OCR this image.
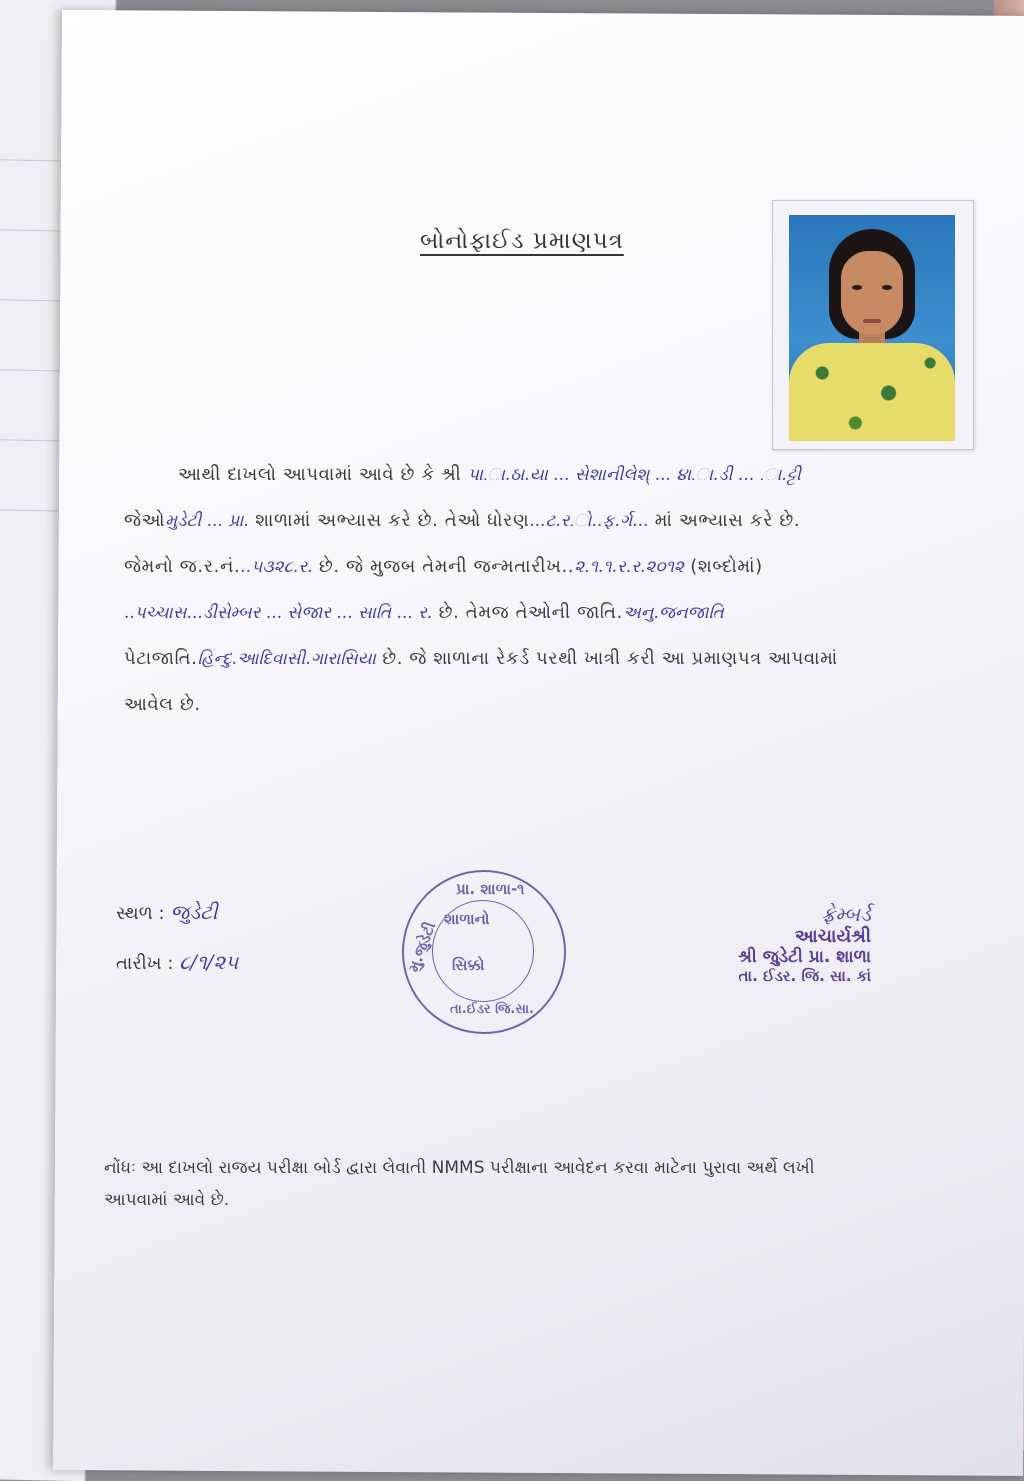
બોનોફાઈડ પ્રમાણપત્ર
આથી દાખલો આપવામાં આવે છે કે શ્રી પા.ા.ઠા.યા ... સેશાનીલેશ્ ... ૪ા.ા.ડી ... .ા.ટ્ટી
જેઓમુડેટી ... પ્રા. શાળામાં અભ્યાસ કરે છે. તેઓ ધોરણ...ટ.ર.ો..ફ.ર્ગ... માં અભ્યાસ કરે છે.
જેમનો જ.ર.નં...૫૩૨૮.ર. છે. જે મુજબ તેમની જન્મતારીખ..૨.૧.૧.ર.ર.૨૦૧૨ (શબ્દોમાં)
..પચ્ચાસ...ડીસેમ્બર ... સેજાર ... સાતિ ... ર. છે. તેમજ તેઓની જાતિ.અનુ.જનજાતિ
પેટાજાતિ.હિન્દુ.આદિવાસી.ગારાસિયા છે. જે શાળાના રેકર્ડ પરથી ખાત્રી કરી આ પ્રમાણપત્ર આપવામાં
આવેલ છે.
સ્થળ : જુડેટી
તારીખ : ૮/૧/૨૫
પ્રા. શાળા-૧
મુ.જુડેટી
શાળાનો
સિક્કો
તા.ઈડર જિ.સા.
ફ્રેમ્બર્ડ
આચાર્યશ્રી
શ્રી જુડેટી પ્રા. શાળા
તા. ઈડર. જિ. સા. કાં
નોંધઃ આ દાખલો રાજય પરીક્ષા બોર્ડ દ્વારા લેવાતી NMMS પરીક્ષાના આવેદન કરવા માટેના પુરાવા અર્થે લખી
આપવામાં આવે છે.
